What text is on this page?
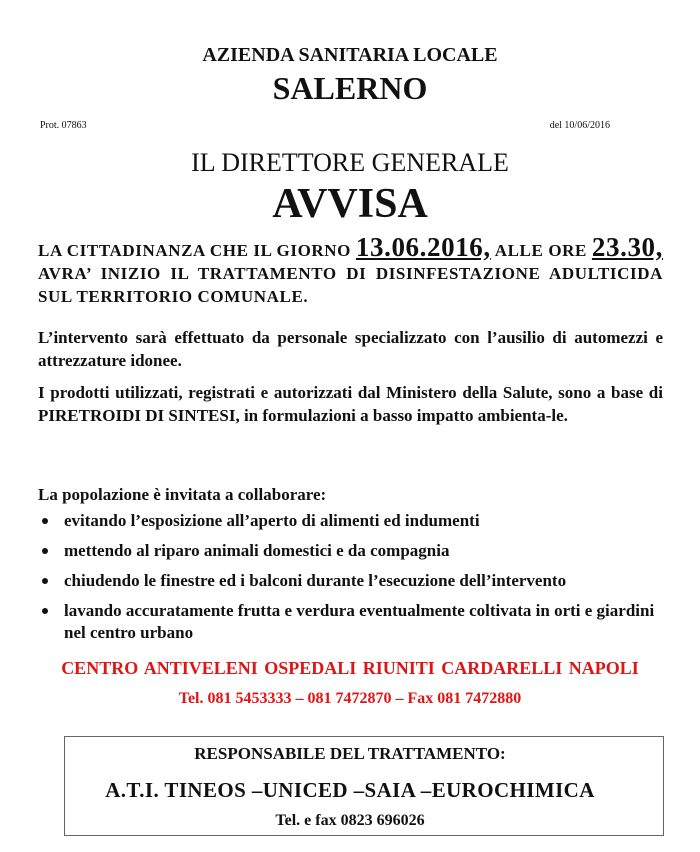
AZIENDA SANITARIA LOCALE
SALERNO
Prot. 07863	del 10/06/2016
IL DIRETTORE GENERALE
AVVISA
LA CITTADINANZA CHE IL GIORNO 13.06.2016, ALLE ORE 23.30, AVRA’ INIZIO IL TRATTAMENTO DI DISINFESTAZIONE ADULTICIDA SUL TERRITORIO COMUNALE.
L’intervento sarà effettuato da personale specializzato con l’ausilio di automezzi e attrezzature idonee.
I prodotti utilizzati, registrati e autorizzati dal Ministero della Salute, sono a base di PIRETROIDI DI SINTESI, in formulazioni a basso impatto ambienta-le.
La popolazione è invitata a collaborare:
evitando l’esposizione all’aperto di alimenti ed indumenti
mettendo al riparo animali domestici e da compagnia
chiudendo le finestre ed i balconi durante l’esecuzione dell’intervento
lavando accuratamente frutta e verdura eventualmente coltivata in orti e giardini nel centro urbano
CENTRO ANTIVELENI OSPEDALI RIUNITI CARDARELLI NAPOLI
Tel. 081 5453333 – 081 7472870 – Fax 081 7472880
RESPONSABILE DEL TRATTAMENTO:
A.T.I. TINEOS –UNICED –SAIA –EUROCHIMICA
Tel. e fax 0823 696026
